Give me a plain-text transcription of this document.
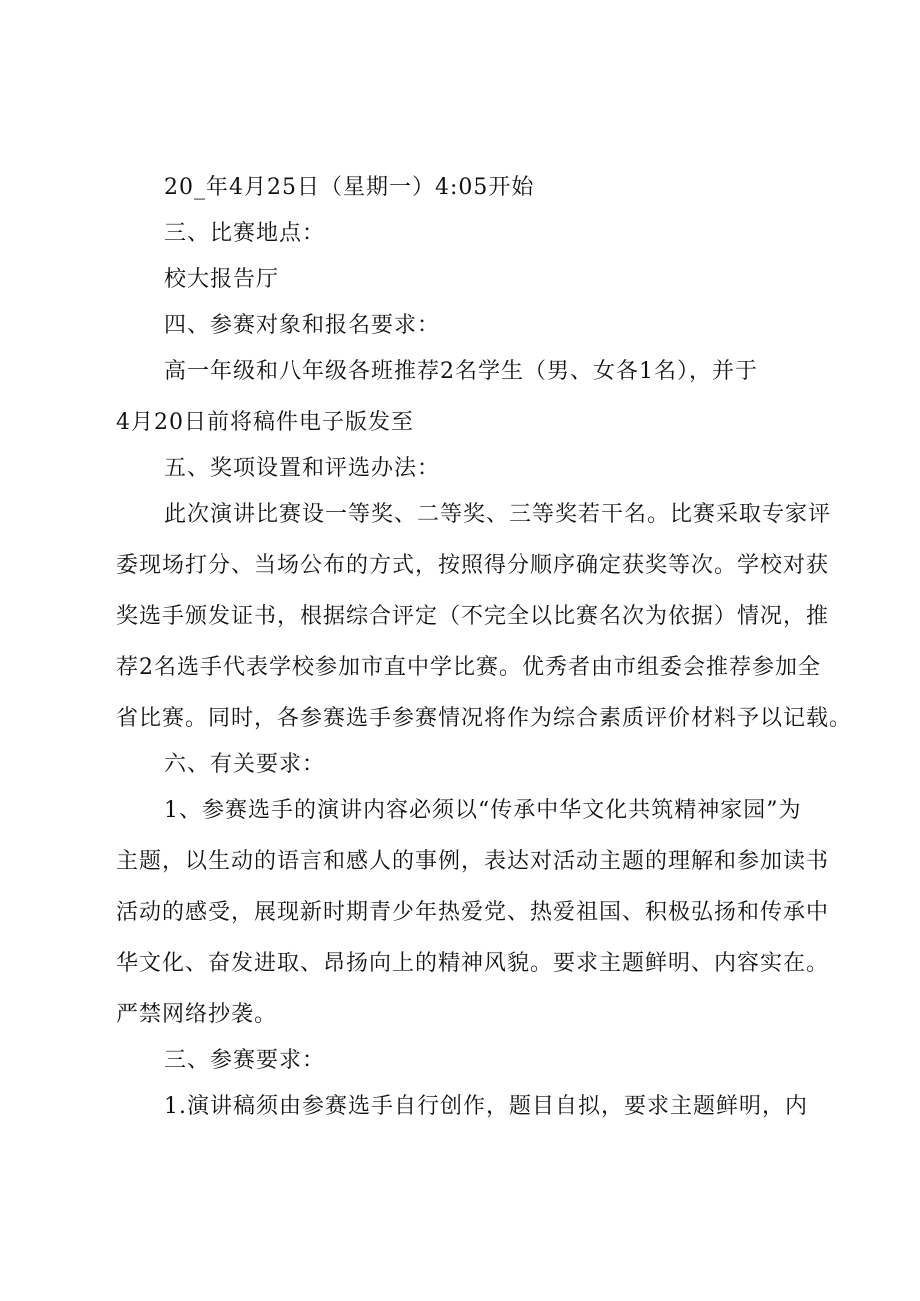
20_年4月25日（星期一）4:05开始
三、比赛地点：
校大报告厅
四、参赛对象和报名要求：
高一年级和八年级各班推荐2名学生（男、女各1名），并于
4月20日前将稿件电子版发至
五、奖项设置和评选办法：
此次演讲比赛设一等奖、二等奖、三等奖若干名。比赛采取专家评
委现场打分、当场公布的方式，按照得分顺序确定获奖等次。学校对获
奖选手颁发证书，根据综合评定（不完全以比赛名次为依据）情况，推
荐2名选手代表学校参加市直中学比赛。优秀者由市组委会推荐参加全
省比赛。同时，各参赛选手参赛情况将作为综合素质评价材料予以记载。
六、有关要求：
1、参赛选手的演讲内容必须以“传承中华文化共筑精神家园”为
主题，以生动的语言和感人的事例，表达对活动主题的理解和参加读书
活动的感受，展现新时期青少年热爱党、热爱祖国、积极弘扬和传承中
华文化、奋发进取、昂扬向上的精神风貌。要求主题鲜明、内容实在。
严禁网络抄袭。
三、参赛要求：
1.演讲稿须由参赛选手自行创作，题目自拟，要求主题鲜明，内
